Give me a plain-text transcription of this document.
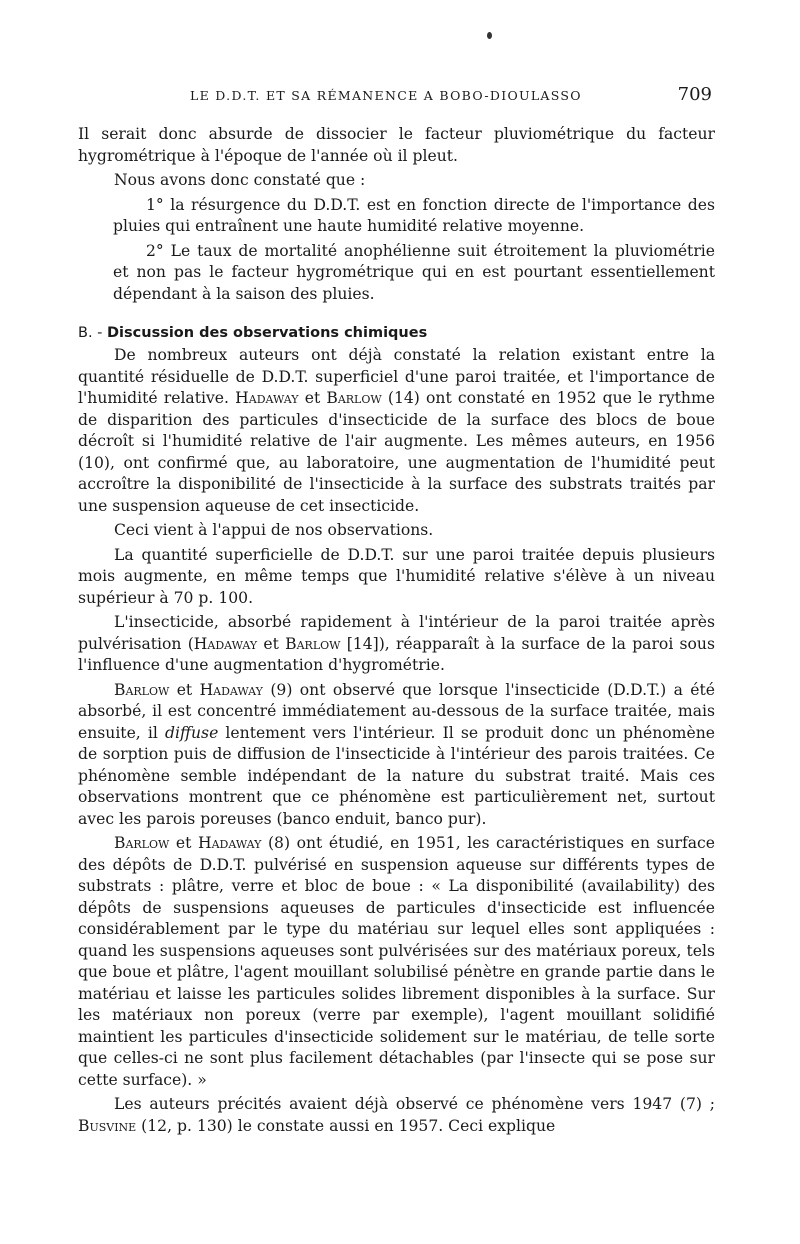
LE D.D.T. ET SA RÉMANENCE A BOBO-DIOULASSO	709

Il serait donc absurde de dissocier le facteur pluviométrique du facteur hygrométrique à l'époque de l'année où il pleut.

Nous avons donc constaté que :

1° la résurgence du D.D.T. est en fonction directe de l'importance des pluies qui entraînent une haute humidité relative moyenne.

2° Le taux de mortalité anophélienne suit étroitement la pluviométrie et non pas le facteur hygrométrique qui en est pourtant essentiellement dépendant à la saison des pluies.

B. - Discussion des observations chimiques

De nombreux auteurs ont déjà constaté la relation existant entre la quantité résiduelle de D.D.T. superficiel d'une paroi traitée, et l'importance de l'humidité relative. Hadaway et Barlow (14) ont constaté en 1952 que le rythme de disparition des particules d'insecticide de la surface des blocs de boue décroît si l'humidité relative de l'air augmente. Les mêmes auteurs, en 1956 (10), ont confirmé que, au laboratoire, une augmentation de l'humidité peut accroître la disponibilité de l'insecticide à la surface des substrats traités par une suspension aqueuse de cet insecticide.

Ceci vient à l'appui de nos observations.

La quantité superficielle de D.D.T. sur une paroi traitée depuis plusieurs mois augmente, en même temps que l'humidité relative s'élève à un niveau supérieur à 70 p. 100.

L'insecticide, absorbé rapidement à l'intérieur de la paroi traitée après pulvérisation (Hadaway et Barlow [14]), réapparaît à la surface de la paroi sous l'influence d'une augmentation d'hygrométrie.

Barlow et Hadaway (9) ont observé que lorsque l'insecticide (D.D.T.) a été absorbé, il est concentré immédiatement au-dessous de la surface traitée, mais ensuite, il diffuse lentement vers l'intérieur. Il se produit donc un phénomène de sorption puis de diffusion de l'insecticide à l'intérieur des parois traitées. Ce phénomène semble indépendant de la nature du substrat traité. Mais ces observations montrent que ce phénomène est particulièrement net, surtout avec les parois poreuses (banco enduit, banco pur).

Barlow et Hadaway (8) ont étudié, en 1951, les caractéristiques en surface des dépôts de D.D.T. pulvérisé en suspension aqueuse sur différents types de substrats : plâtre, verre et bloc de boue : « La disponibilité (availability) des dépôts de suspensions aqueuses de particules d'insecticide est influencée considérablement par le type du matériau sur lequel elles sont appliquées : quand les suspensions aqueuses sont pulvérisées sur des matériaux poreux, tels que boue et plâtre, l'agent mouillant solubilisé pénètre en grande partie dans le matériau et laisse les particules solides librement disponibles à la surface. Sur les matériaux non poreux (verre par exemple), l'agent mouillant solidifié maintient les particules d'insecticide solidement sur le matériau, de telle sorte que celles-ci ne sont plus facilement détachables (par l'insecte qui se pose sur cette surface). »

Les auteurs précités avaient déjà observé ce phénomène vers 1947 (7) ; Busvine (12, p. 130) le constate aussi en 1957. Ceci explique
